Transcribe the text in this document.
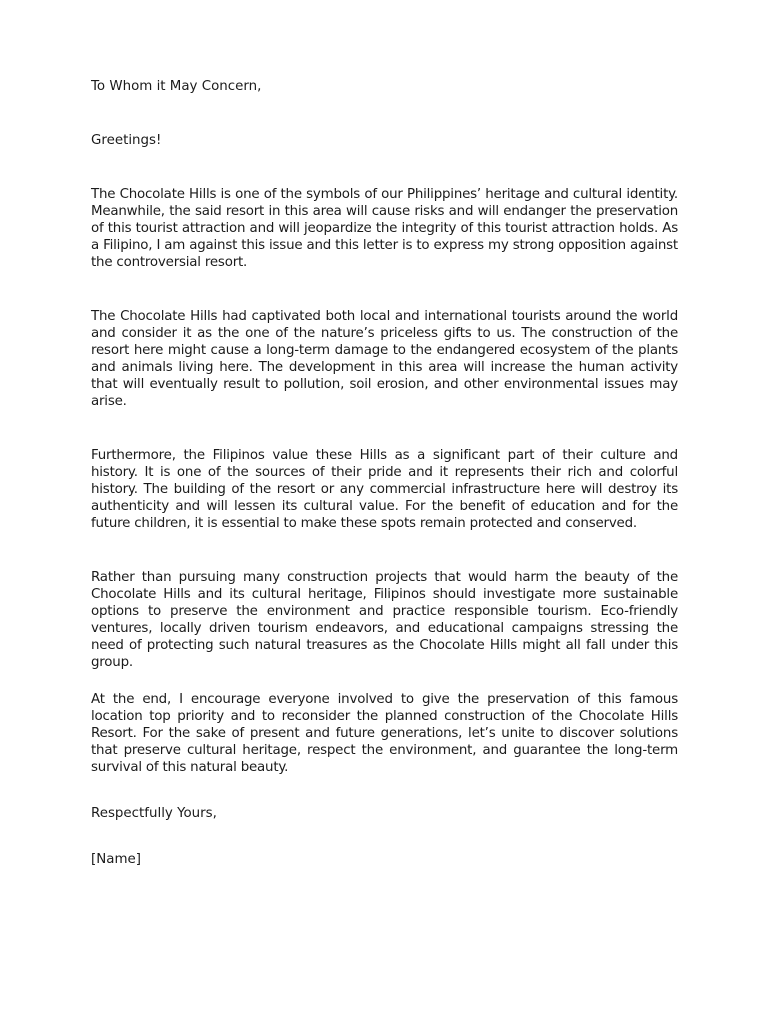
To Whom it May Concern,

Greetings!

The Chocolate Hills is one of the symbols of our Philippines’ heritage and cultural identity. Meanwhile, the said resort in this area will cause risks and will endanger the preservation of this tourist attraction and will jeopardize the integrity of this tourist attraction holds. As a Filipino, I am against this issue and this letter is to express my strong opposition against the controversial resort.

The Chocolate Hills had captivated both local and international tourists around the world and consider it as the one of the nature’s priceless gifts to us. The construction of the resort here might cause a long-term damage to the endangered ecosystem of the plants and animals living here. The development in this area will increase the human activity that will eventually result to pollution, soil erosion, and other environmental issues may arise.

Furthermore, the Filipinos value these Hills as a significant part of their culture and history. It is one of the sources of their pride and it represents their rich and colorful history. The building of the resort or any commercial infrastructure here will destroy its authenticity and will lessen its cultural value. For the benefit of education and for the future children, it is essential to make these spots remain protected and conserved.

Rather than pursuing many construction projects that would harm the beauty of the Chocolate Hills and its cultural heritage, Filipinos should investigate more sustainable options to preserve the environment and practice responsible tourism. Eco-friendly ventures, locally driven tourism endeavors, and educational campaigns stressing the need of protecting such natural treasures as the Chocolate Hills might all fall under this group.

At the end, I encourage everyone involved to give the preservation of this famous location top priority and to reconsider the planned construction of the Chocolate Hills Resort. For the sake of present and future generations, let’s unite to discover solutions that preserve cultural heritage, respect the environment, and guarantee the long-term survival of this natural beauty.

Respectfully Yours,

[Name]
